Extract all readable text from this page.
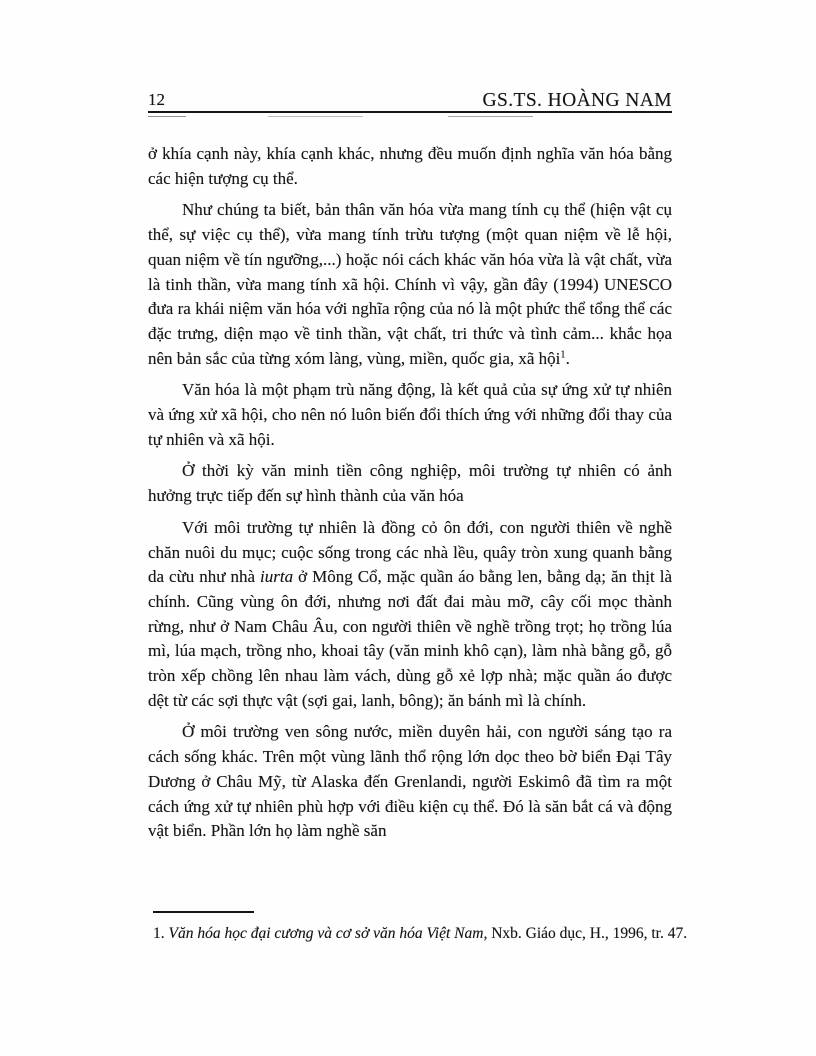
12	GS.TS. HOÀNG NAM

ở khía cạnh này, khía cạnh khác, nhưng đều muốn định nghĩa văn hóa bằng các hiện tượng cụ thể.

Như chúng ta biết, bản thân văn hóa vừa mang tính cụ thể (hiện vật cụ thể, sự việc cụ thể), vừa mang tính trừu tượng (một quan niệm về lễ hội, quan niệm về tín ngưỡng,...) hoặc nói cách khác văn hóa vừa là vật chất, vừa là tinh thần, vừa mang tính xã hội. Chính vì vậy, gần đây (1994) UNESCO đưa ra khái niệm văn hóa với nghĩa rộng của nó là một phức thể tổng thể các đặc trưng, diện mạo về tinh thần, vật chất, tri thức và tình cảm... khắc họa nên bản sắc của từng xóm làng, vùng, miền, quốc gia, xã hội$^1$.

Văn hóa là một phạm trù năng động, là kết quả của sự ứng xử tự nhiên và ứng xử xã hội, cho nên nó luôn biến đổi thích ứng với những đổi thay của tự nhiên và xã hội.

Ở thời kỳ văn minh tiền công nghiệp, môi trường tự nhiên có ảnh hưởng trực tiếp đến sự hình thành của văn hóa

Với môi trường tự nhiên là đồng cỏ ôn đới, con người thiên về nghề chăn nuôi du mục; cuộc sống trong các nhà lều, quây tròn xung quanh bằng da cừu như nhà iurta ở Mông Cổ, mặc quần áo bằng len, bằng dạ; ăn thịt là chính. Cũng vùng ôn đới, nhưng nơi đất đai màu mỡ, cây cối mọc thành rừng, như ở Nam Châu Âu, con người thiên về nghề trồng trọt; họ trồng lúa mì, lúa mạch, trồng nho, khoai tây (văn minh khô cạn), làm nhà bằng gỗ, gỗ tròn xếp chồng lên nhau làm vách, dùng gỗ xẻ lợp nhà; mặc quần áo được dệt từ các sợi thực vật (sợi gai, lanh, bông); ăn bánh mì là chính.

Ở môi trường ven sông nước, miền duyên hải, con người sáng tạo ra cách sống khác. Trên một vùng lãnh thổ rộng lớn dọc theo bờ biển Đại Tây Dương ở Châu Mỹ, từ Alaska đến Grenlandi, người Eskimô đã tìm ra một cách ứng xử tự nhiên phù hợp với điều kiện cụ thể. Đó là săn bắt cá và động vật biển. Phần lớn họ làm nghề săn

1. Văn hóa học đại cương và cơ sở văn hóa Việt Nam, Nxb. Giáo dục, H., 1996, tr. 47.
